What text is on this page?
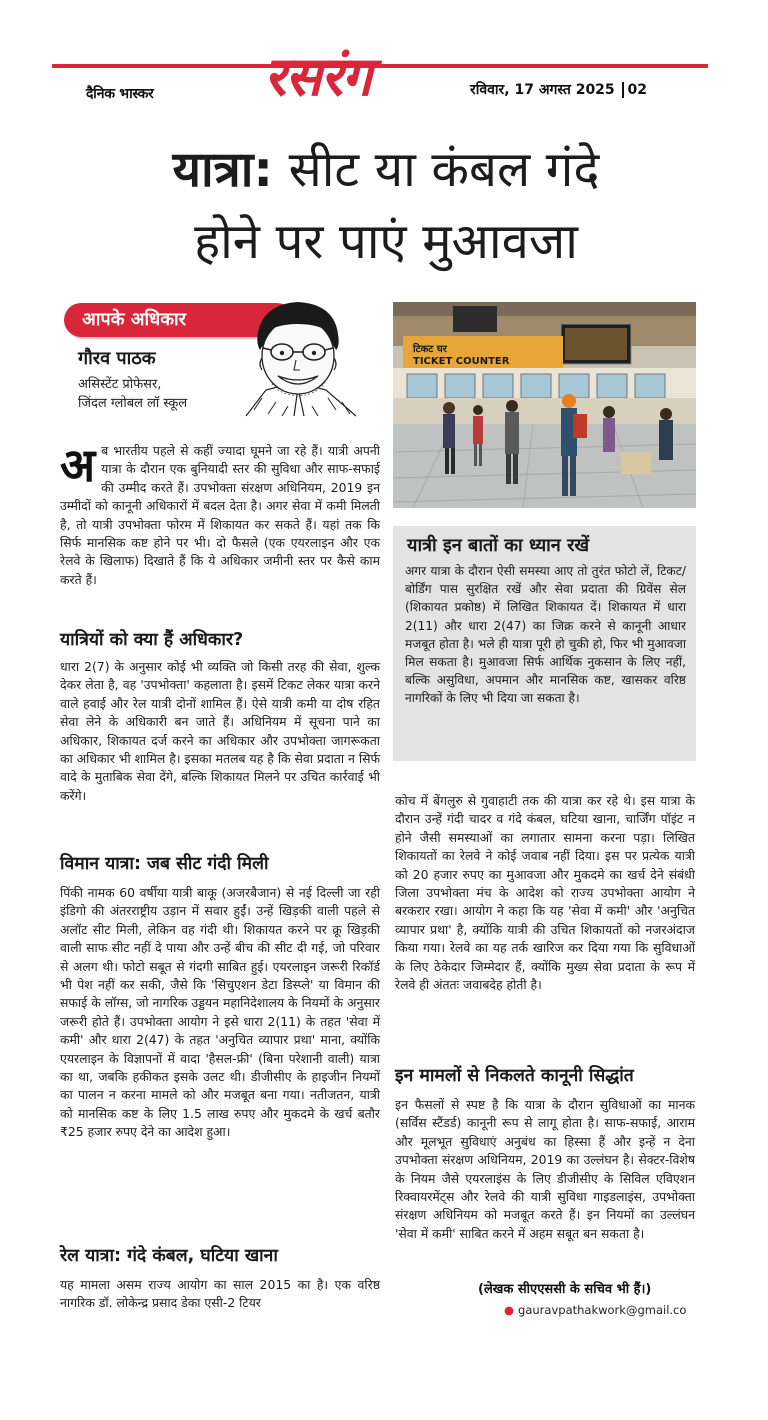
दैनिक भास्कर रसरंग	रविवार, 17 अगस्त 2025 02
यात्रा: सीट या कंबल गंदे
होने पर पाएं मुआवजा
आपके अधिकार
गौरव पाठक
असिस्टेंट प्रोफेसर,
जिंदल ग्लोबल लॉ स्कूल
टिकट घर
TICKET COUNTER
अ ब भारतीय पहले से कहीं ज्यादा घूमने जा रहे हैं। यात्री अपनी यात्रा के दौरान एक बुनियादी स्तर की सुविधा और साफ-सफाई की उम्मीद करते हैं। उपभोक्ता संरक्षण अधिनियम, 2019 इन उम्मीदों को कानूनी अधिकारों में बदल देता है। अगर सेवा में कमी मिलती है, तो यात्री उपभोक्ता फोरम में शिकायत कर सकते हैं। यहां तक कि सिर्फ मानसिक कष्ट होने पर भी। दो फैसले (एक एयरलाइन और एक रेलवे के खिलाफ) दिखाते हैं कि ये अधिकार जमीनी स्तर पर कैसे काम करते हैं।
यात्रियों को क्या हैं अधिकार?
धारा 2(7) के अनुसार कोई भी व्यक्ति जो किसी तरह की सेवा, शुल्क देकर लेता है, वह 'उपभोक्ता' कहलाता है। इसमें टिकट लेकर यात्रा करने वाले हवाई और रेल यात्री दोनों शामिल हैं। ऐसे यात्री कमी या दोष रहित सेवा लेने के अधिकारी बन जाते हैं। अधिनियम में सूचना पाने का अधिकार, शिकायत दर्ज करने का अधिकार और उपभोक्ता जागरूकता का अधिकार भी शामिल है। इसका मतलब यह है कि सेवा प्रदाता न सिर्फ वादे के मुताबिक सेवा देंगे, बल्कि शिकायत मिलने पर उचित कार्रवाई भी करेंगे।
विमान यात्रा: जब सीट गंदी मिली
पिंकी नामक 60 वर्षीया यात्री बाकू (अजरबैजान) से नई दिल्ली जा रही इंडिगो की अंतरराष्ट्रीय उड़ान में सवार हुईं। उन्हें खिड़की वाली पहले से अलॉट सीट मिली, लेकिन वह गंदी थी। शिकायत करने पर क्रू खिड़की वाली साफ सीट नहीं दे पाया और उन्हें बीच की सीट दी गई, जो परिवार से अलग थी। फोटो सबूत से गंदगी साबित हुई। एयरलाइन जरूरी रिकॉर्ड भी पेश नहीं कर सकी, जैसे कि 'सिचुएशन डेटा डिस्प्ले' या विमान की सफाई के लॉग्स, जो नागरिक उड्डयन महानिदेशालय के नियमों के अनुसार जरूरी होते हैं। उपभोक्ता आयोग ने इसे धारा 2(11) के तहत 'सेवा में कमी' और धारा 2(47) के तहत 'अनुचित व्यापार प्रथा' माना, क्योंकि एयरलाइन के विज्ञापनों में वादा 'हैसल-फ्री' (बिना परेशानी वाली) यात्रा का था, जबकि हकीकत इसके उलट थी। डीजीसीए के हाइजीन नियमों का पालन न करना मामले को और मजबूत बना गया। नतीजतन, यात्री को मानसिक कष्ट के लिए 1.5 लाख रुपए और मुकदमे के खर्च बतौर ₹25 हजार रुपए देने का आदेश हुआ।
रेल यात्रा: गंदे कंबल, घटिया खाना
यह मामला असम राज्य आयोग का साल 2015 का है। एक वरिष्ठ नागरिक डॉ. लोकेन्द्र प्रसाद डेका एसी-2 टियर
यात्री इन बातों का ध्यान रखें
अगर यात्रा के दौरान ऐसी समस्या आए तो तुरंत फोटो लें, टिकट/बोर्डिंग पास सुरक्षित रखें और सेवा प्रदाता की ग्रिवेंस सेल (शिकायत प्रकोष्ठ) में लिखित शिकायत दें। शिकायत में धारा 2(11) और धारा 2(47) का जिक्र करने से कानूनी आधार मजबूत होता है। भले ही यात्रा पूरी हो चुकी हो, फिर भी मुआवजा मिल सकता है। मुआवजा सिर्फ आर्थिक नुकसान के लिए नहीं, बल्कि असुविधा, अपमान और मानसिक कष्ट, खासकर वरिष्ठ नागरिकों के लिए भी दिया जा सकता है।
कोच में बेंगलुरु से गुवाहाटी तक की यात्रा कर रहे थे। इस यात्रा के दौरान उन्हें गंदी चादर व गंदे कंबल, घटिया खाना, चार्जिंग पॉइंट न होने जैसी समस्याओं का लगातार सामना करना पड़ा। लिखित शिकायतों का रेलवे ने कोई जवाब नहीं दिया। इस पर प्रत्येक यात्री को 20 हजार रुपए का मुआवजा और मुकदमे का खर्च देने संबंधी जिला उपभोक्ता मंच के आदेश को राज्य उपभोक्ता आयोग ने बरकरार रखा। आयोग ने कहा कि यह 'सेवा में कमी' और 'अनुचित व्यापार प्रथा' है, क्योंकि यात्री की उचित शिकायतों को नजरअंदाज किया गया। रेलवे का यह तर्क खारिज कर दिया गया कि सुविधाओं के लिए ठेकेदार जिम्मेदार हैं, क्योंकि मुख्य सेवा प्रदाता के रूप में रेलवे ही अंततः जवाबदेह होती है।
इन मामलों से निकलते कानूनी सिद्धांत
इन फैसलों से स्पष्ट है कि यात्रा के दौरान सुविधाओं का मानक (सर्विस स्टैंडर्ड) कानूनी रूप से लागू होता है। साफ-सफाई, आराम और मूलभूत सुविधाएं अनुबंध का हिस्सा हैं और इन्हें न देना उपभोक्ता संरक्षण अधिनियम, 2019 का उल्लंघन है। सेक्टर-विशेष के नियम जैसे एयरलाइंस के लिए डीजीसीए के सिविल एविएशन रिक्वायरमेंट्स और रेलवे की यात्री सुविधा गाइडलाइंस, उपभोक्ता संरक्षण अधिनियम को मजबूत करते हैं। इन नियमों का उल्लंघन 'सेवा में कमी' साबित करने में अहम सबूत बन सकता है।
(लेखक सीएएससी के सचिव भी हैं।)
● gauravpathakwork@gmail.co
